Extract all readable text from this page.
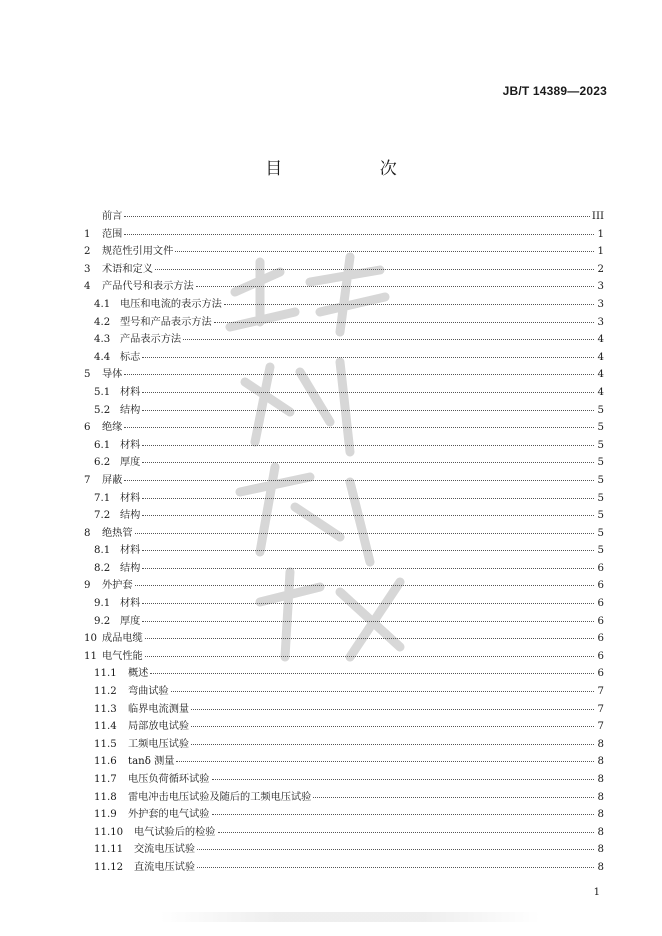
JB/T 14389—2023
目 次
前言	III
1	范围	1
2	规范性引用文件	1
3	术语和定义	2
4	产品代号和表示方法	3
4.1 电压和电流的表示方法	3
4.2 型号和产品表示方法	3
4.3 产品表示方法	4
4.4 标志	4
5	导体	4
5.1 材料	4
5.2 结构	5
6	绝缘	5
6.1 材料	5
6.2 厚度	5
7	屏蔽	5
7.1 材料	5
7.2 结构	5
8	绝热管	5
8.1 材料	5
8.2 结构	6
9	外护套	6
9.1 材料	6
9.2 厚度	6
10 成品电缆	6
11 电气性能	6
11.1	概述	6
11.2	弯曲试验	7
11.3	临界电流测量	7
11.4	局部放电试验	7
11.5	工频电压试验	8
11.6	tanδ 测量	8
11.7	电压负荷循环试验	8
11.8	雷电冲击电压试验及随后的工频电压试验	8
11.9	外护套的电气试验	8
11.10	电气试验后的检验	8
11.11	交流电压试验	8
11.12	直流电压试验	8
1
